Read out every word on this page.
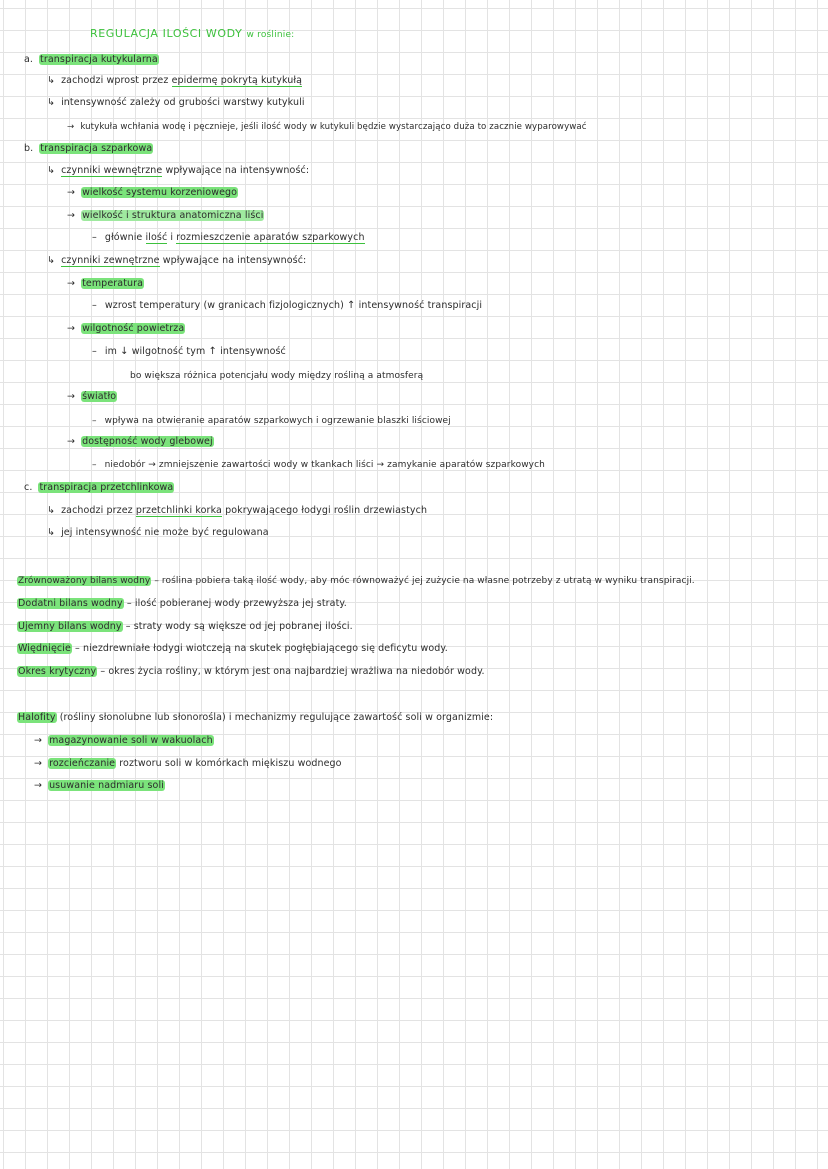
REGULACJA ILOŚCI WODY w roślinie:
a. transpiracja kutykularna
↳ zachodzi wprost przez epidermę pokrytą kutykułą
↳ intensywność zależy od grubości warstwy kutykuli
→ kutykuła wchłania wodę i pęcznieje, jeśli ilość wody w kutykuli będzie wystarczająco duża to zacznie wyparowywać
b. transpiracja szparkowa
↳ czynniki wewnętrzne wpływające na intensywność:
→ wielkość systemu korzeniowego
→ wielkość i struktura anatomiczna liści
– głównie ilość i rozmieszczenie aparatów szparkowych
↳ czynniki zewnętrzne wpływające na intensywność:
→ temperatura
– wzrost temperatury (w granicach fizjologicznych) ↑ intensywność transpiracji
→ wilgotność powietrza
– im ↓ wilgotność tym ↑ intensywność
bo większa różnica potencjału wody między rośliną a atmosferą
→ światło
– wpływa na otwieranie aparatów szparkowych i ogrzewanie blaszki liściowej
→ dostępność wody glebowej
– niedobór → zmniejszenie zawartości wody w tkankach liści → zamykanie aparatów szparkowych
c. transpiracja przetchlinkowa
↳ zachodzi przez przetchlinki korka pokrywającego łodygi roślin drzewiastych
↳ jej intensywność nie może być regulowana
Zrównoważony bilans wodny – roślina pobiera taką ilość wody, aby móc równoważyć jej zużycie na własne potrzeby z utratą w wyniku transpiracji.
Dodatni bilans wodny – ilość pobieranej wody przewyższa jej straty.
Ujemny bilans wodny – straty wody są większe od jej pobranej ilości.
Więdnięcie – niezdrewniałe łodygi wiotczeją na skutek pogłębiającego się deficytu wody.
Okres krytyczny – okres życia rośliny, w którym jest ona najbardziej wrażliwa na niedobór wody.
Halofity (rośliny słonolubne lub słonorośla) i mechanizmy regulujące zawartość soli w organizmie:
→ magazynowanie soli w wakuolach
→ rozcieńczanie roztworu soli w komórkach miękiszu wodnego
→ usuwanie nadmiaru soli
